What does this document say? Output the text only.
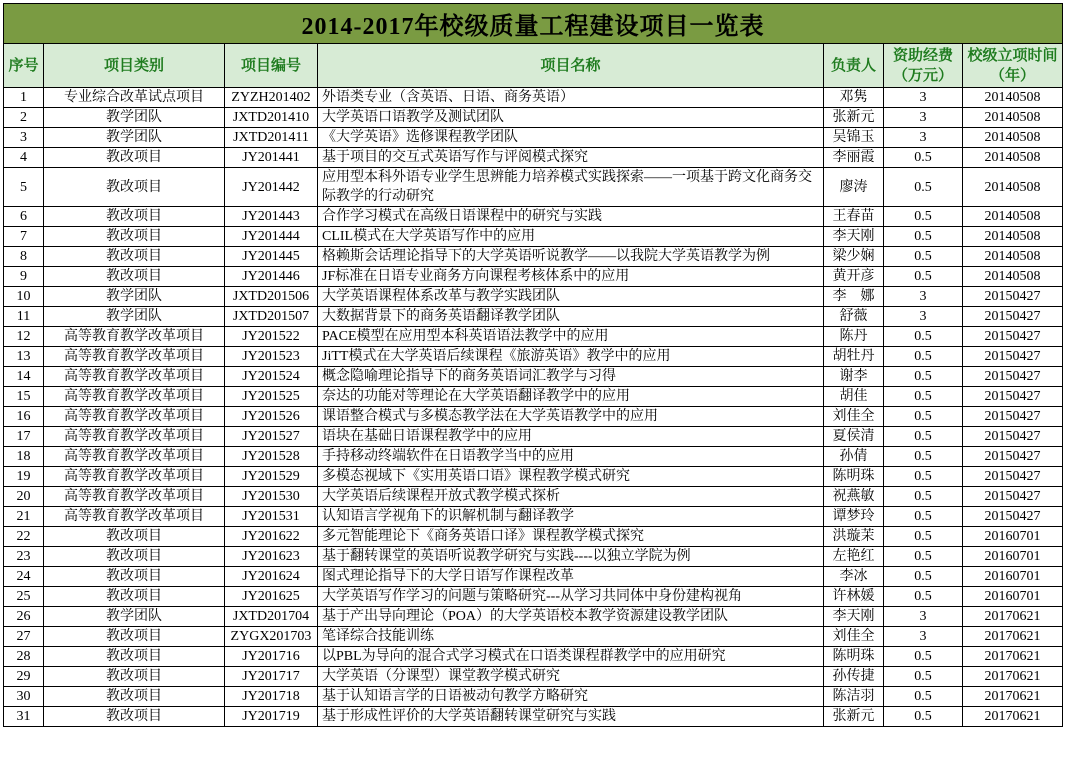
2014-2017年校级质量工程建设项目一览表						
序号	项目类别	项目编号	项目名称	负责人	资助经费（万元）	校级立项时间（年）
1	专业综合改革试点项目	ZYZH201402	外语类专业（含英语、日语、商务英语）	邓隽	3	20140508
2	教学团队	JXTD201410	大学英语口语教学及测试团队	张新元	3	20140508
3	教学团队	JXTD201411	《大学英语》选修课程教学团队	吴锦玉	3	20140508
4	教改项目	JY201441	基于项目的交互式英语写作与评阅模式探究	李丽霞	0.5	20140508
5	教改项目	JY201442	应用型本科外语专业学生思辨能力培养模式实践探索——一项基于跨文化商务交际教学的行动研究	廖涛	0.5	20140508
6	教改项目	JY201443	合作学习模式在高级日语课程中的研究与实践	王春苗	0.5	20140508
7	教改项目	JY201444	CLIL模式在大学英语写作中的应用	李天刚	0.5	20140508
8	教改项目	JY201445	格赖斯会话理论指导下的大学英语听说教学——以我院大学英语教学为例	梁少娴	0.5	20140508
9	教改项目	JY201446	JF标准在日语专业商务方向课程考核体系中的应用	黄开彦	0.5	20140508
10	教学团队	JXTD201506	大学英语课程体系改革与教学实践团队	李　娜	3	20150427
11	教学团队	JXTD201507	大数据背景下的商务英语翻译教学团队	舒薇	3	20150427
12	高等教育教学改革项目	JY201522	PACE模型在应用型本科英语语法教学中的应用	陈丹	0.5	20150427
13	高等教育教学改革项目	JY201523	JiTT模式在大学英语后续课程《旅游英语》教学中的应用	胡牡丹	0.5	20150427
14	高等教育教学改革项目	JY201524	概念隐喻理论指导下的商务英语词汇教学与习得	谢李	0.5	20150427
15	高等教育教学改革项目	JY201525	奈达的功能对等理论在大学英语翻译教学中的应用	胡佳	0.5	20150427
16	高等教育教学改革项目	JY201526	课语整合模式与多模态教学法在大学英语教学中的应用	刘佳全	0.5	20150427
17	高等教育教学改革项目	JY201527	语块在基础日语课程教学中的应用	夏侯清	0.5	20150427
18	高等教育教学改革项目	JY201528	手持移动终端软件在日语教学当中的应用	孙倩	0.5	20150427
19	高等教育教学改革项目	JY201529	多模态视域下《实用英语口语》课程教学模式研究	陈明珠	0.5	20150427
20	高等教育教学改革项目	JY201530	大学英语后续课程开放式教学模式探析	祝燕敏	0.5	20150427
21	高等教育教学改革项目	JY201531	认知语言学视角下的识解机制与翻译教学	谭梦玲	0.5	20150427
22	教改项目	JY201622	多元智能理论下《商务英语口译》课程教学模式探究	洪璇茉	0.5	20160701
23	教改项目	JY201623	基于翻转课堂的英语听说教学研究与实践----以独立学院为例	左艳红	0.5	20160701
24	教改项目	JY201624	图式理论指导下的大学日语写作课程改革	李冰	0.5	20160701
25	教改项目	JY201625	大学英语写作学习的问题与策略研究---从学习共同体中身份建构视角	许林媛	0.5	20160701
26	教学团队	JXTD201704	基于产出导向理论（POA）的大学英语校本教学资源建设教学团队	李天刚	3	20170621
27	教改项目	ZYGX201703	笔译综合技能训练	刘佳全	3	20170621
28	教改项目	JY201716	以PBL为导向的混合式学习模式在口语类课程群教学中的应用研究	陈明珠	0.5	20170621
29	教改项目	JY201717	大学英语（分课型）课堂教学模式研究	孙传捷	0.5	20170621
30	教改项目	JY201718	基于认知语言学的日语被动句教学方略研究	陈洁羽	0.5	20170621
31	教改项目	JY201719	基于形成性评价的大学英语翻转课堂研究与实践	张新元	0.5	20170621
